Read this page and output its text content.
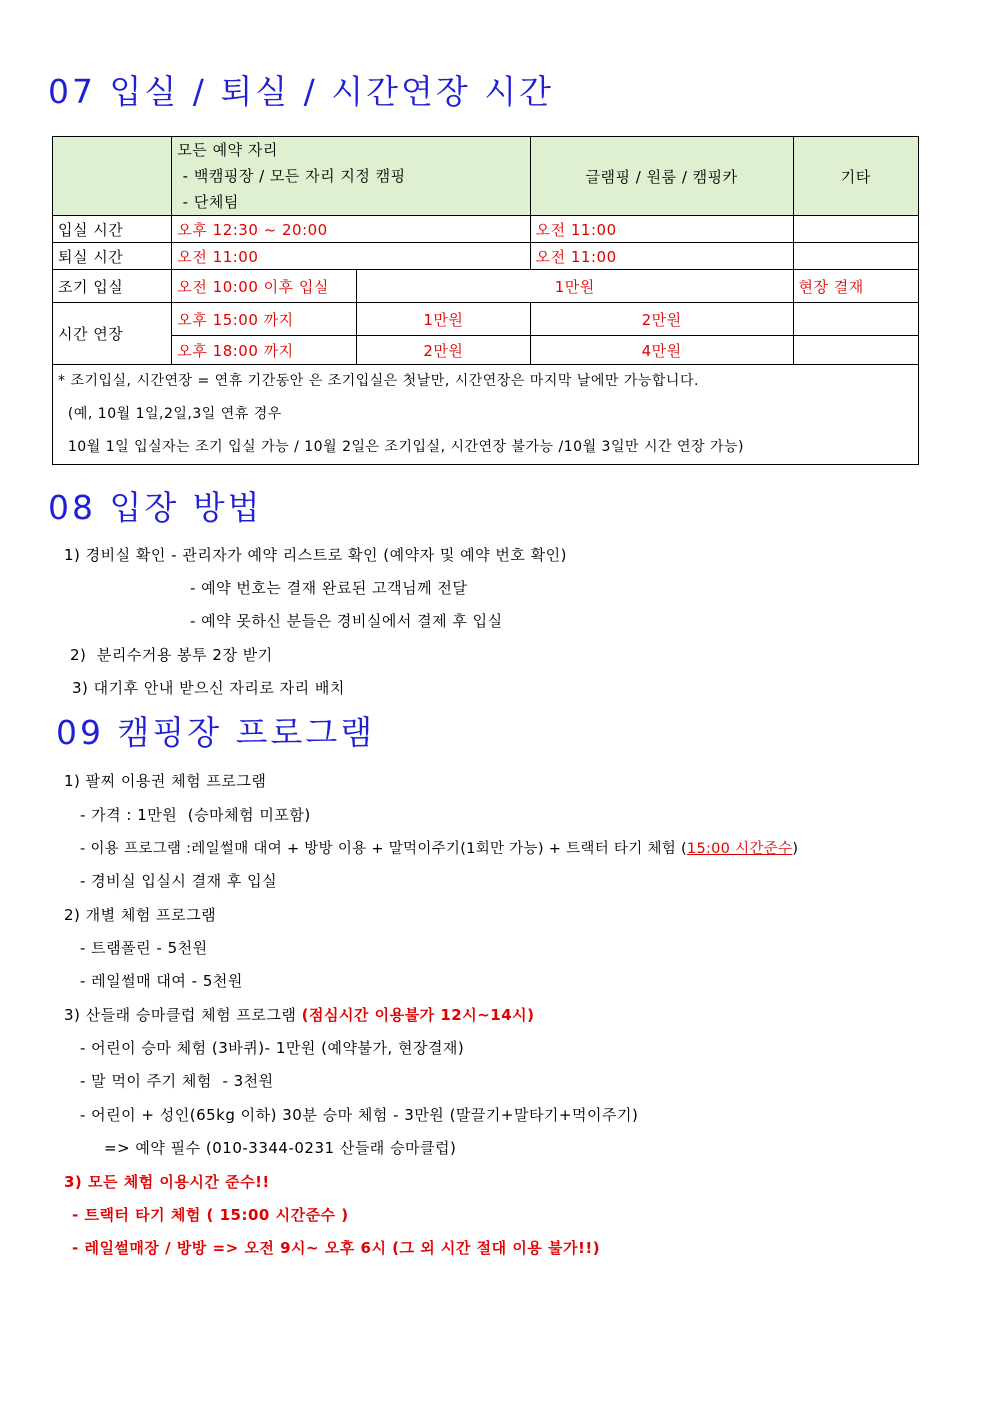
07 입실 / 퇴실 / 시간연장 시간

	모든 예약 자리
- 백캠핑장 / 모든 자리 지정 캠핑
- 단체팀		글램핑 / 원룸 / 캠핑카	기타
입실 시간	오후 12:30 ~ 20:00		오전 11:00	
퇴실 시간	오전 11:00		오전 11:00	
조기 입실	오전 10:00 이후 입실	1만원		현장 결재
시간 연장	오후 15:00 까지	1만원	2만원	
	오후 18:00 까지	2만원	4만원	

* 조기입실, 시간연장 = 연휴 기간동안 은 조기입실은 첫날만, 시간연장은 마지막 날에만 가능합니다.
(예, 10월 1일,2일,3일 연휴 경우
10월 1일 입실자는 조기 입실 가능 / 10월 2일은 조기입실, 시간연장 불가능 /10월 3일만 시간 연장 가능)				
08 입장 방법
1) 경비실 확인 - 관리자가 예약 리스트로 확인 (예약자 및 예약 번호 확인)
- 예약 번호는 결재 완료된 고객님께 전달
- 예약 못하신 분들은 경비실에서 결제 후 입실
2)  분리수거용 봉투 2장 받기
3) 대기후 안내 받으신 자리로 자리 배치
09 캠핑장 프로그램
1) 팔찌 이용권 체험 프로그램
- 가격 : 1만원  (승마체험 미포함)
- 이용 프로그램 :레일썰매 대여 + 방방 이용 + 말먹이주기(1회만 가능) + 트랙터 타기 체험 (15:00 시간준수)
- 경비실 입실시 결재 후 입실
2) 개별 체험 프로그램
- 트램폴린 - 5천원
- 레일썰매 대여 - 5천원
3) 산들래 승마클럽 체험 프로그램 (점심시간 이용불가 12시~14시)
- 어린이 승마 체험 (3바퀴)- 1만원 (예약불가, 현장결재)
- 말 먹이 주기 체험  - 3천원
- 어린이 + 성인(65kg 이하) 30분 승마 체험 - 3만원 (말끌기+말타기+먹이주기)
=> 예약 필수 (010-3344-0231 산들래 승마클럽)
3) 모든 체험 이용시간 준수!!
- 트랙터 타기 체험 ( 15:00 시간준수 )
- 레일썰매장 / 방방 => 오전 9시~ 오후 6시 (그 외 시간 절대 이용 불가!!)
